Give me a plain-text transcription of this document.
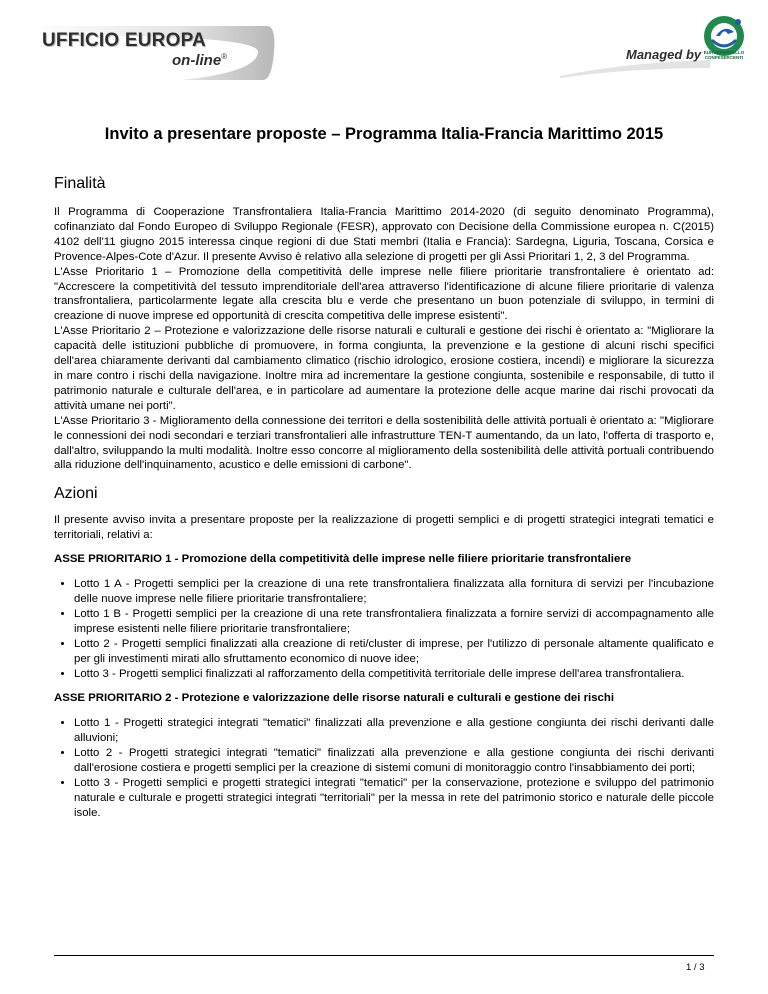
UFFICIO EUROPA
on-line®	Managed by EUROSPORTELLO
CONFESERCENTI
Invito a presentare proposte – Programma Italia-Francia Marittimo 2015
Finalità

Il Programma di Cooperazione Transfrontaliera Italia-Francia Marittimo 2014-2020 (di seguito denominato Programma), cofinanziato dal Fondo Europeo di Sviluppo Regionale (FESR), approvato con Decisione della Commissione europea n. C(2015) 4102 dell'11 giugno 2015 interessa cinque regioni di due Stati membri (Italia e Francia): Sardegna, Liguria, Toscana, Corsica e Provence-Alpes-Cote d'Azur. Il presente Avviso è relativo alla selezione di progetti per gli Assi Prioritari 1, 2, 3 del Programma.

L'Asse Prioritario 1 – Promozione della competitività delle imprese nelle filiere prioritarie transfrontaliere è orientato ad: "Accrescere la competitività del tessuto imprenditoriale dell'area attraverso l'identificazione di alcune filiere prioritarie di valenza transfrontaliera, particolarmente legate alla crescita blu e verde che presentano un buon potenziale di sviluppo, in termini di creazione di nuove imprese ed opportunità di crescita competitiva delle imprese esistenti".

L'Asse Prioritario 2 – Protezione e valorizzazione delle risorse naturali e culturali e gestione dei rischi è orientato a: "Migliorare la capacità delle istituzioni pubbliche di promuovere, in forma congiunta, la prevenzione e la gestione di alcuni rischi specifici dell'area chiaramente derivanti dal cambiamento climatico (rischio idrologico, erosione costiera, incendi) e migliorare la sicurezza in mare contro i rischi della navigazione. Inoltre mira ad incrementare la gestione congiunta, sostenibile e responsabile, di tutto il patrimonio naturale e culturale dell'area, e in particolare ad aumentare la protezione delle acque marine dai rischi provocati da attività umane nei porti".

L'Asse Prioritario 3 - Miglioramento della connessione dei territori e della sostenibilità delle attività portuali è orientato a: "Migliorare le connessioni dei nodi secondari e terziari transfrontalieri alle infrastrutture TEN-T aumentando, da un lato, l'offerta di trasporto e, dall'altro, sviluppando la multi modalità. Inoltre esso concorre al miglioramento della sostenibilità delle attività portuali contribuendo alla riduzione dell'inquinamento, acustico e delle emissioni di carbone".

Azioni

Il presente avviso invita a presentare proposte per la realizzazione di progetti semplici e di progetti strategici integrati tematici e territoriali, relativi a:

ASSE PRIORITARIO 1 - Promozione della competitività delle imprese nelle filiere prioritarie transfrontaliere

• Lotto 1 A - Progetti semplici per la creazione di una rete transfrontaliera finalizzata alla fornitura di servizi per l'incubazione delle nuove imprese nelle filiere prioritarie transfrontaliere;
• Lotto 1 B - Progetti semplici per la creazione di una rete transfrontaliera finalizzata a fornire servizi di accompagnamento alle imprese esistenti nelle filiere prioritarie transfrontaliere;
• Lotto 2 - Progetti semplici finalizzati alla creazione di reti/cluster di imprese, per l'utilizzo di personale altamente qualificato e per gli investimenti mirati allo sfruttamento economico di nuove idee;
• Lotto 3 - Progetti semplici finalizzati al rafforzamento della competitività territoriale delle imprese dell'area transfrontaliera.

ASSE PRIORITARIO 2 - Protezione e valorizzazione delle risorse naturali e culturali e gestione dei rischi

• Lotto 1 - Progetti strategici integrati "tematici" finalizzati alla prevenzione e alla gestione congiunta dei rischi derivanti dalle alluvioni;
• Lotto 2 - Progetti strategici integrati "tematici" finalizzati alla prevenzione e alla gestione congiunta dei rischi derivanti dall'erosione costiera e progetti semplici per la creazione di sistemi comuni di monitoraggio contro l'insabbiamento dei porti;
• Lotto 3 - Progetti semplici e progetti strategici integrati "tematici" per la conservazione, protezione e sviluppo del patrimonio naturale e culturale e progetti strategici integrati "territoriali" per la messa in rete del patrimonio storico e naturale delle piccole isole.
1 / 3
